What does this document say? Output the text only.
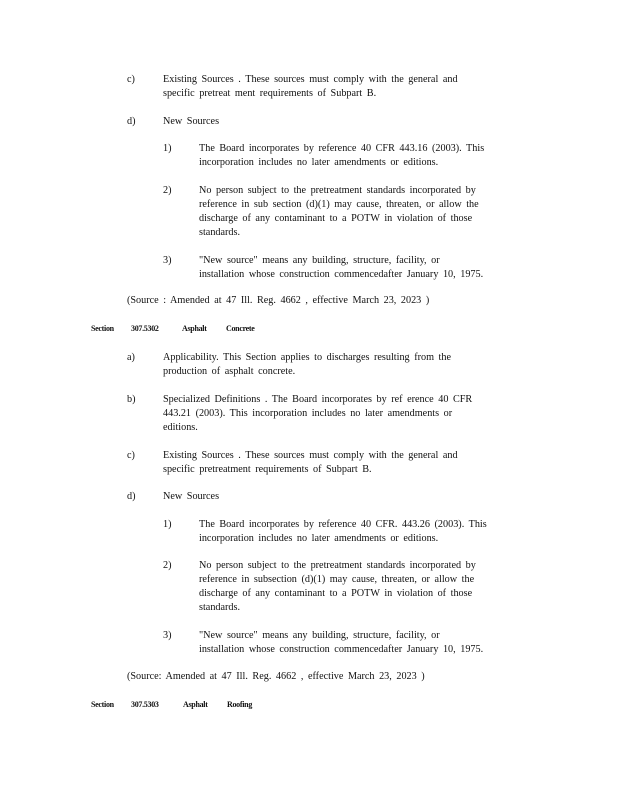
c)	Existing Sources . These sources must comply with the general and
specific pretreat ment requirements of Subpart B.
d)	New Sources
1)	The Board incorporates by reference 40 CFR 443.16 (2003). This
incorporation includes no later amendments or editions.
2)	No person subject to the pretreatment standards incorporated by
reference in sub section (d)(1) may cause, threaten, or allow the
discharge of any contaminant to a POTW in violation of those
standards.
3)	"New source" means any building, structure, facility, or
installation whose construction commencedafter January 10, 1975.
(Source : Amended at 47 Ill. Reg. 4662 , effective March 23, 2023 )
Section 307.5302	Asphalt Concrete
a)	Applicability. This Section applies to discharges resulting from the
production of asphalt concrete.
b)	Specialized Definitions . The Board incorporates by ref erence 40 CFR
443.21 (2003). This incorporation includes no later amendments or
editions.
c)	Existing Sources . These sources must comply with the general and
specific pretreatment requirements of Subpart B.
d)	New Sources
1)	The Board incorporates by reference 40 CFR. 443.26 (2003). This
incorporation includes no later amendments or editions.
2)	No person subject to the pretreatment standards incorporated by
reference in subsection (d)(1) may cause, threaten, or allow the
discharge of any contaminant to a POTW in violation of those
standards.
3)	"New source" means any building, structure, facility, or
installation whose construction commencedafter January 10, 1975.
(Source: Amended at 47 Ill. Reg. 4662 , effective March 23, 2023 )
Section 307.5303	Asphalt Roofing
